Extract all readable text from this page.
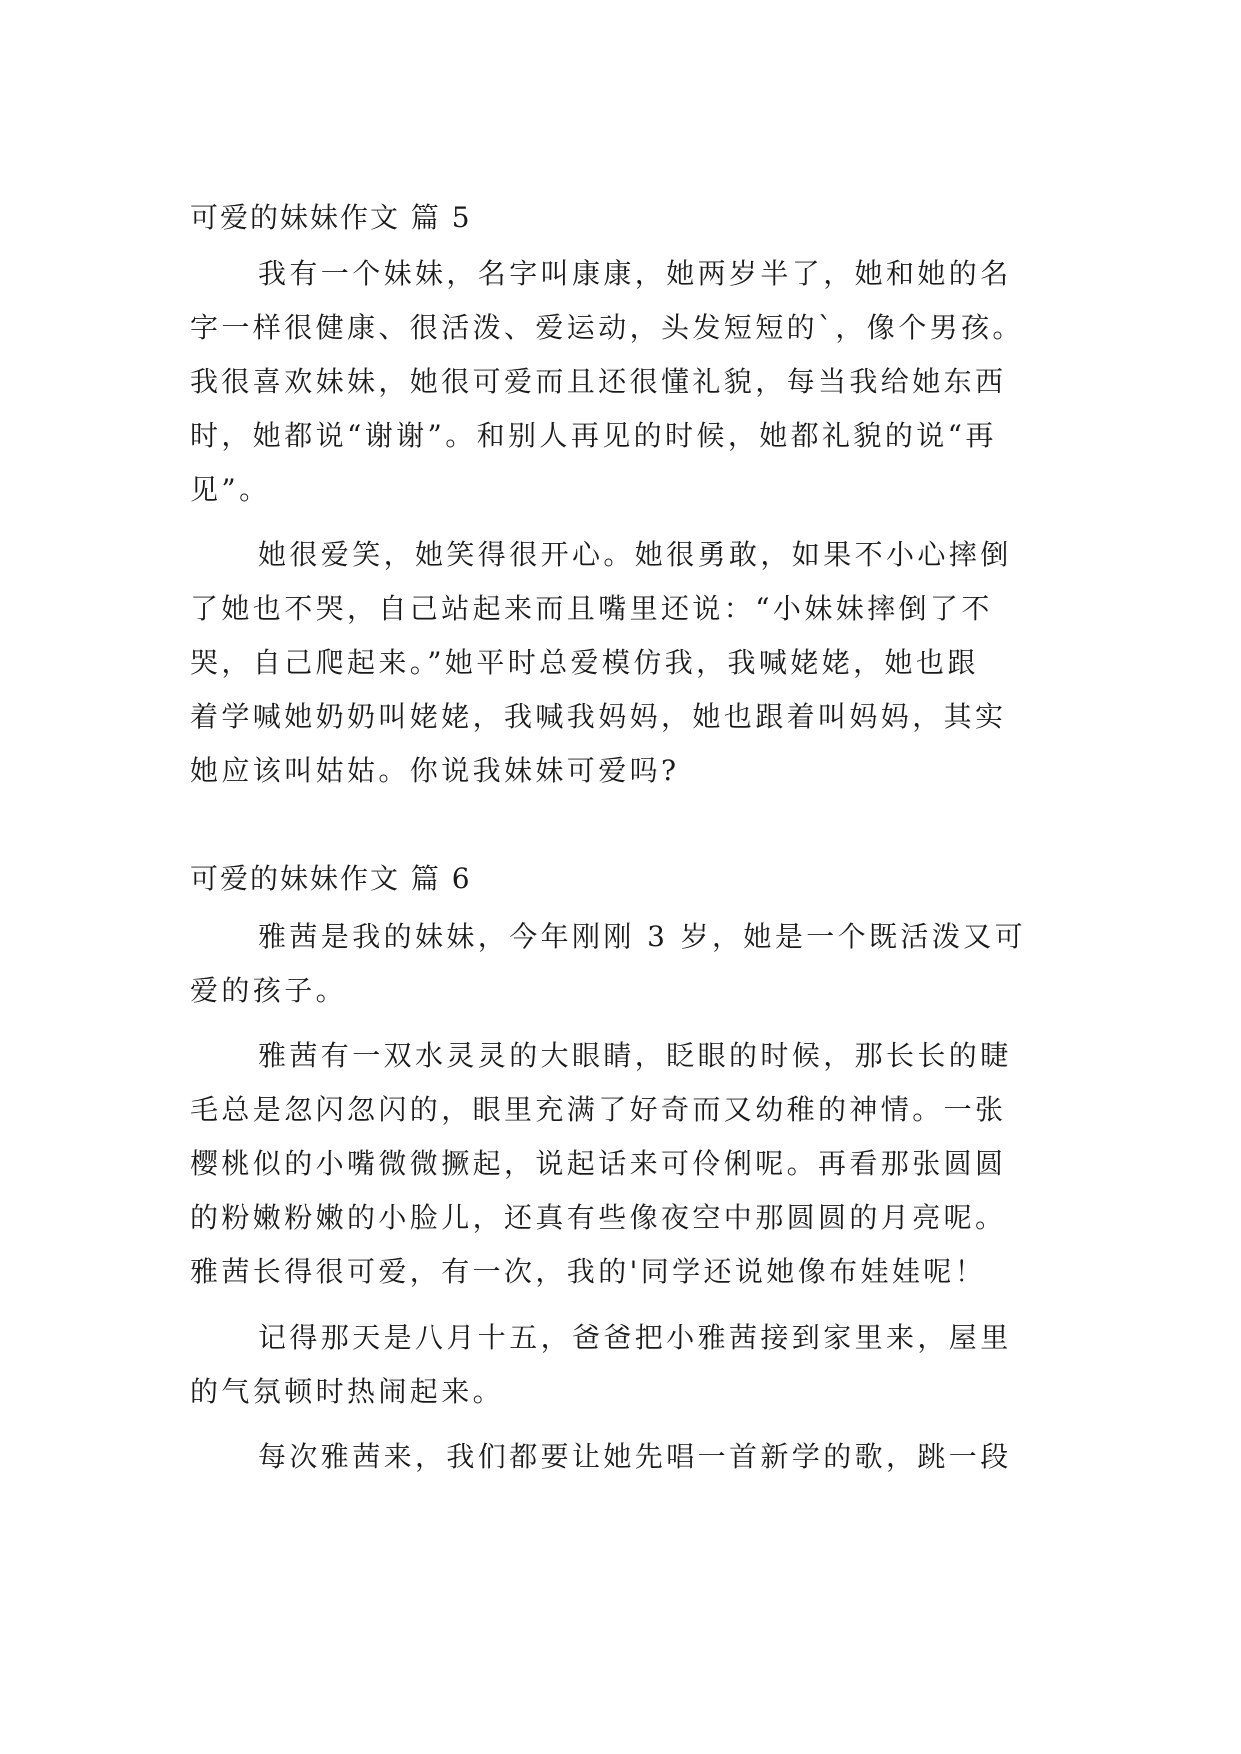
可爱的妹妹作文 篇 5
我有一个妹妹，名字叫康康，她两岁半了，她和她的名
字一样很健康、很活泼、爱运动，头发短短的`，像个男孩。
我很喜欢妹妹，她很可爱而且还很懂礼貌，每当我给她东西
时，她都说“谢谢”。和别人再见的时候，她都礼貌的说“再
见”。
她很爱笑，她笑得很开心。她很勇敢，如果不小心摔倒
了她也不哭，自己站起来而且嘴里还说：“小妹妹摔倒了不
哭，自己爬起来。”她平时总爱模仿我，我喊姥姥，她也跟
着学喊她奶奶叫姥姥，我喊我妈妈，她也跟着叫妈妈，其实
她应该叫姑姑。你说我妹妹可爱吗?
可爱的妹妹作文 篇 6
雅茜是我的妹妹，今年刚刚 3 岁，她是一个既活泼又可
爱的孩子。
雅茜有一双水灵灵的大眼睛，眨眼的时候，那长长的睫
毛总是忽闪忽闪的，眼里充满了好奇而又幼稚的神情。一张
樱桃似的小嘴微微撅起，说起话来可伶俐呢。再看那张圆圆
的粉嫩粉嫩的小脸儿，还真有些像夜空中那圆圆的月亮呢。
雅茜长得很可爱，有一次，我的'同学还说她像布娃娃呢！
记得那天是八月十五，爸爸把小雅茜接到家里来，屋里
的气氛顿时热闹起来。
每次雅茜来，我们都要让她先唱一首新学的歌，跳一段
